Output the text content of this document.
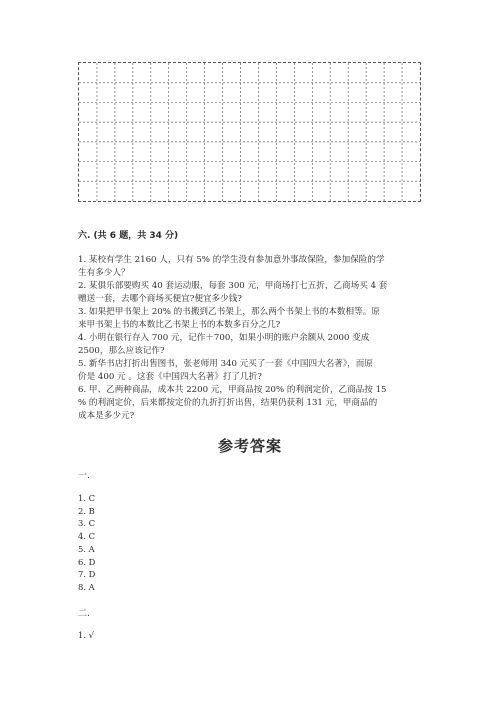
六. (共 6 题，共 34 分)
1. 某校有学生 2160 人，只有 5% 的学生没有参加意外事故保险，参加保险的学
生有多少人？
2. 某俱乐部要购买 40 套运动服，每套 300 元，甲商场打七五折，乙商场买 4 套
赠送一套，去哪个商场买便宜?便宜多少钱?
3. 如果把甲书架上 20% 的书搬到乙书架上，那么两个书架上书的本数相等。原
来甲书架上书的本数比乙书架上书的本数多百分之几?
4. 小明在银行存入 700 元，记作＋700，如果小明的账户余额从 2000 变成
2500，那么应该记作?
5. 新华书店打折出售图书，张老师用 340 元买了一套《中国四大名著》，而原
价是 400 元 。这套《中国四大名著》打了几折?
6. 甲、乙两种商品，成本共 2200 元，甲商品按 20% 的利润定价，乙商品按 15
% 的利润定价，后来都按定价的九折打折出售，结果仍获利 131 元，甲商品的
成本是多少元?
参考答案

一.

1. C
2. B
3. C
4. C
5. A
6. D
7. D
8. A

二.

1. √
